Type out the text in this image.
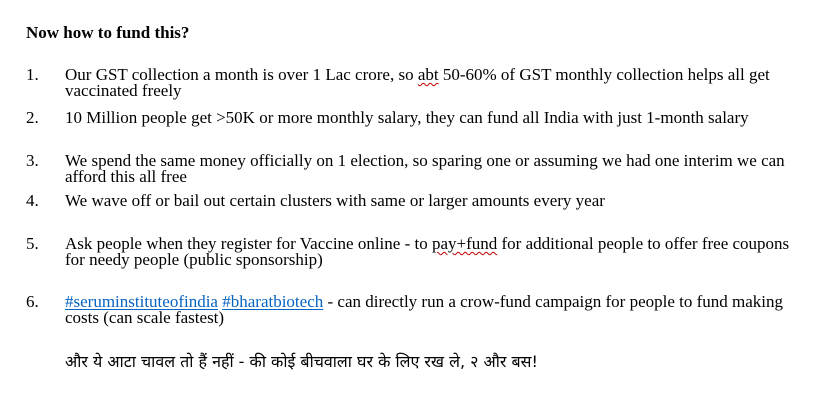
Now how to fund this?
1.	Our GST collection a month is over 1 Lac crore, so abt 50-60% of GST monthly collection helps all get vaccinated freely
2.	10 Million people get >50K or more monthly salary, they can fund all India with just 1-month salary
3.	We spend the same money officially on 1 election, so sparing one or assuming we had one interim we can afford this all free
4.	We wave off or bail out certain clusters with same or larger amounts every year
5.	Ask people when they register for Vaccine online - to pay+fund for additional people to offer free coupons for needy people (public sponsorship)
6.	#seruminstituteofindia #bharatbiotech - can directly run a crow-fund campaign for people to fund making costs (can scale fastest)
और ये आटा चावल तो हैं नहीं - की कोई बीचवाला घर के लिए रख ले, २ और बस!
